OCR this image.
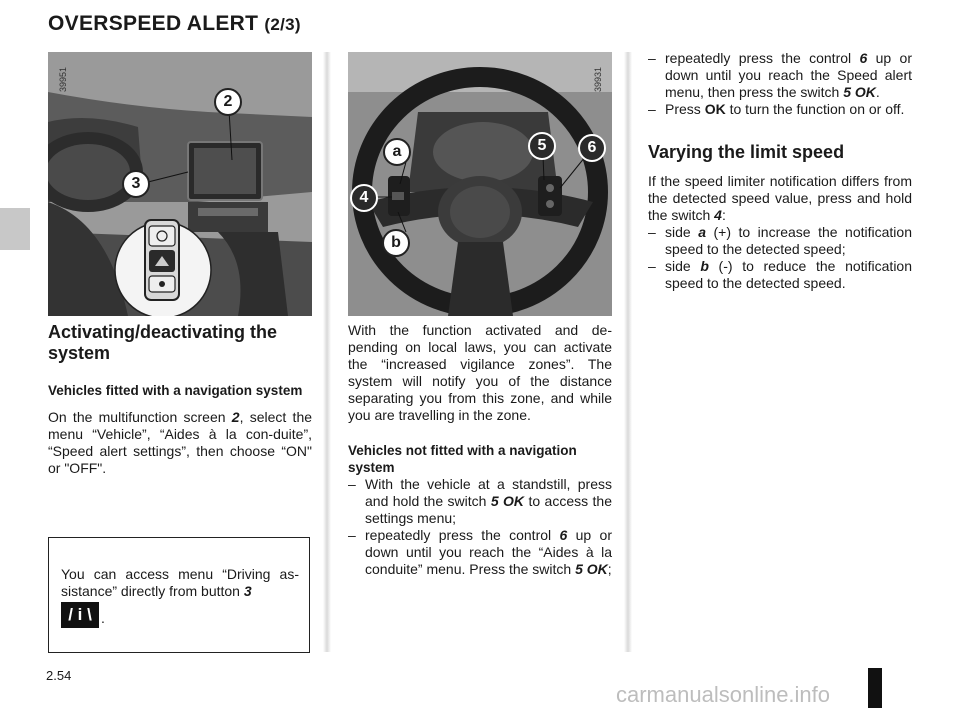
OVERSPEED ALERT (2/3)
39951
2
3
39931
a	5	6
4
b
Activating/deactivating the system
Vehicles fitted with a navigation system
On the multifunction screen 2, select the menu “Vehicle”, “Aides à la con-duite”, “Speed alert settings”, then choose “ON" or "OFF".
You can access menu “Driving as-sistance” directly from button 3
/ i \ .
With the function activated and de-pending on local laws, you can activate the “increased vigilance zones”. The system will notify you of the distance separating you from this zone, and while you are travelling in the zone.
Vehicles not fitted with a navigation system
– With the vehicle at a standstill, press and hold the switch 5 OK to access the settings menu;
– repeatedly press the control 6 up or down until you reach the “Aides à la conduite” menu. Press the switch 5 OK;
– repeatedly press the control 6 up or down until you reach the Speed alert menu, then press the switch 5 OK.
– Press OK to turn the function on or off.
Varying the limit speed
If the speed limiter notification differs from the detected speed value, press and hold the switch 4:
– side a (+) to increase the notification speed to the detected speed;
– side b (-) to reduce the notification speed to the detected speed.
2.54
carmanualsonline.info
